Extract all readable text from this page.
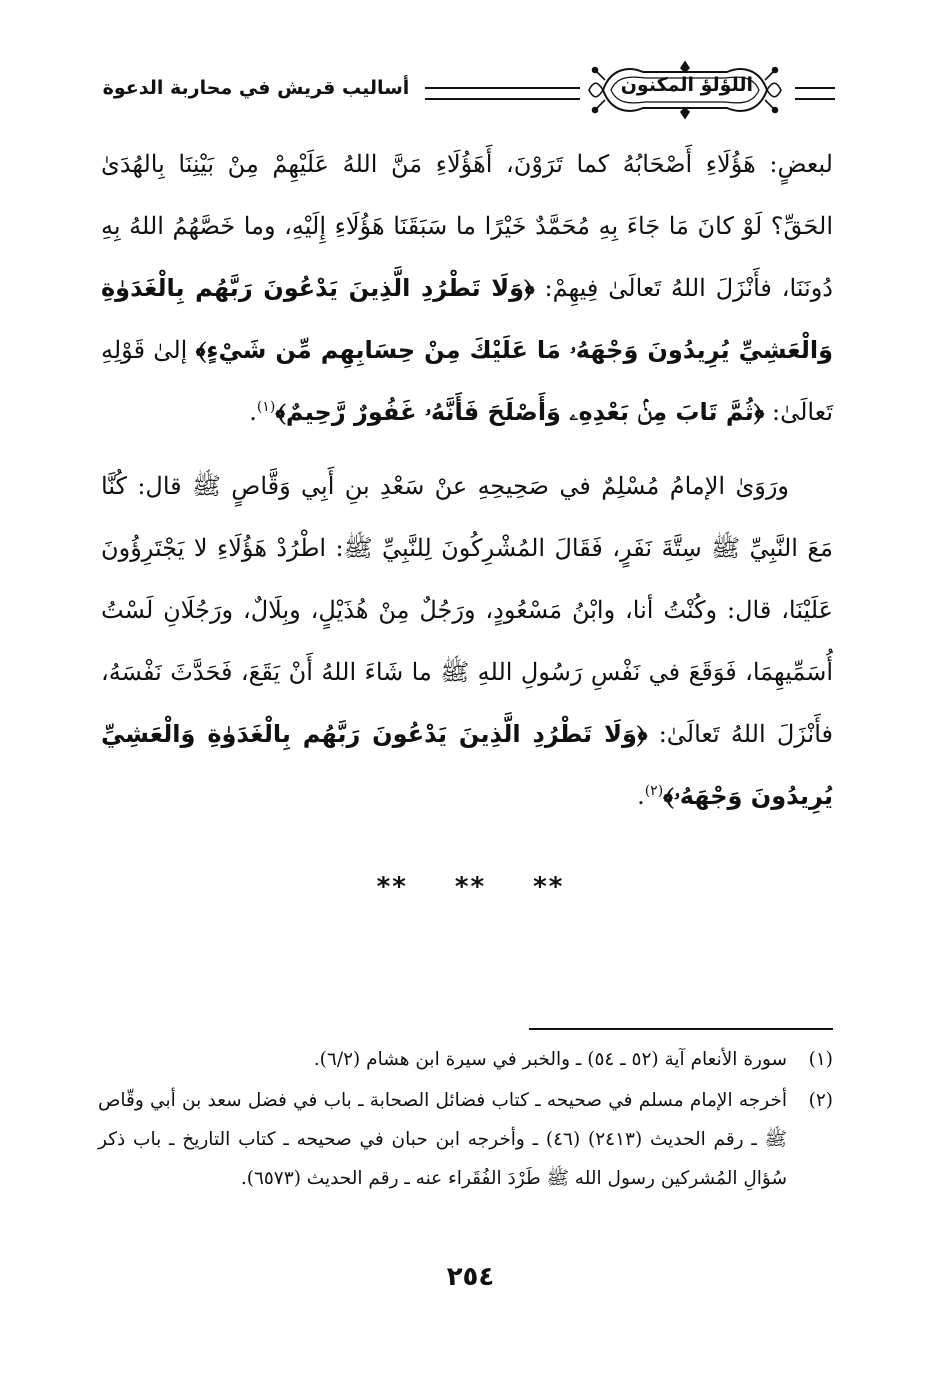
اللؤلؤ المكنون
أساليب قريش في محاربة الدعوة

لبعضٍ: هَؤُلَاءِ أَصْحَابُهُ كما تَرَوْنَ، أَهَؤُلَاءِ مَنَّ اللهُ عَلَيْهِمْ مِنْ بَيْنِنَا بِالهُدَىٰ الحَقِّ؟ لَوْ كانَ مَا جَاءَ بِهِ مُحَمَّدٌ خَيْرًا ما سَبَقَنَا هَؤُلَاءِ إِلَيْهِ، وما خَصَّهُمُ اللهُ بِهِ دُونَنَا، فأَنْزَلَ اللهُ تَعالَىٰ فِيهِمْ: ﴿وَلَا تَطْرُدِ الَّذِينَ يَدْعُونَ رَبَّهُم بِالْغَدَوٰةِ وَالْعَشِيِّ يُرِيدُونَ وَجْهَهُۥ مَا عَلَيْكَ مِنْ حِسَابِهِم مِّن شَيْءٍ﴾ إلىٰ قَوْلِهِ تَعالَىٰ: ﴿ثُمَّ تَابَ مِنۢ بَعْدِهِۦ وَأَصْلَحَ فَأَنَّهُۥ غَفُورٌ رَّحِيمٌ﴾$^{(١)}$.

ورَوَىٰ الإمامُ مُسْلِمٌ في صَحِيحِهِ عنْ سَعْدِ بنِ أَبِي وَقَّاصٍ ﷺ قال: كُنَّا مَعَ النَّبِيِّ ﷺ سِتَّةَ نَفَرٍ، فَقَالَ المُشْرِكُونَ لِلنَّبِيِّ ﷺ: اطْرُدْ هَؤُلَاءِ لا يَجْتَرِؤُونَ عَلَيْنَا، قال: وكُنْتُ أنا، وابْنُ مَسْعُودٍ، ورَجُلٌ مِنْ هُذَيْلٍ، وبِلَالٌ، ورَجُلَانِ لَسْتُ أُسَمِّيهِمَا، فَوَقَعَ في نَفْسِ رَسُولِ اللهِ ﷺ ما شَاءَ اللهُ أَنْ يَقَعَ، فَحَدَّثَ نَفْسَهُ، فأَنْزَلَ اللهُ تَعالَىٰ: ﴿وَلَا تَطْرُدِ الَّذِينَ يَدْعُونَ رَبَّهُم بِالْغَدَوٰةِ وَالْعَشِيِّ يُرِيدُونَ وَجْهَهُۥ﴾$^{(٢)}$.

** ** **
(١)
سورة الأنعام آية (٥٢ ـ ٥٤) ـ والخبر في سيرة ابن هشام (٦/٢).
(٢)
أخرجه الإمام مسلم في صحيحه ـ كتاب فضائل الصحابة ـ باب في فضل سعد بن أبي وقّاص ﷺ ـ رقم الحديث (٢٤١٣) (٤٦) ـ وأخرجه ابن حبان في صحيحه ـ كتاب التاريخ ـ باب ذكر سُؤالِ المُشركين رسول الله ﷺ طَرْدَ الفُقَراء عنه ـ رقم الحديث (٦٥٧٣).
٢٥٤
